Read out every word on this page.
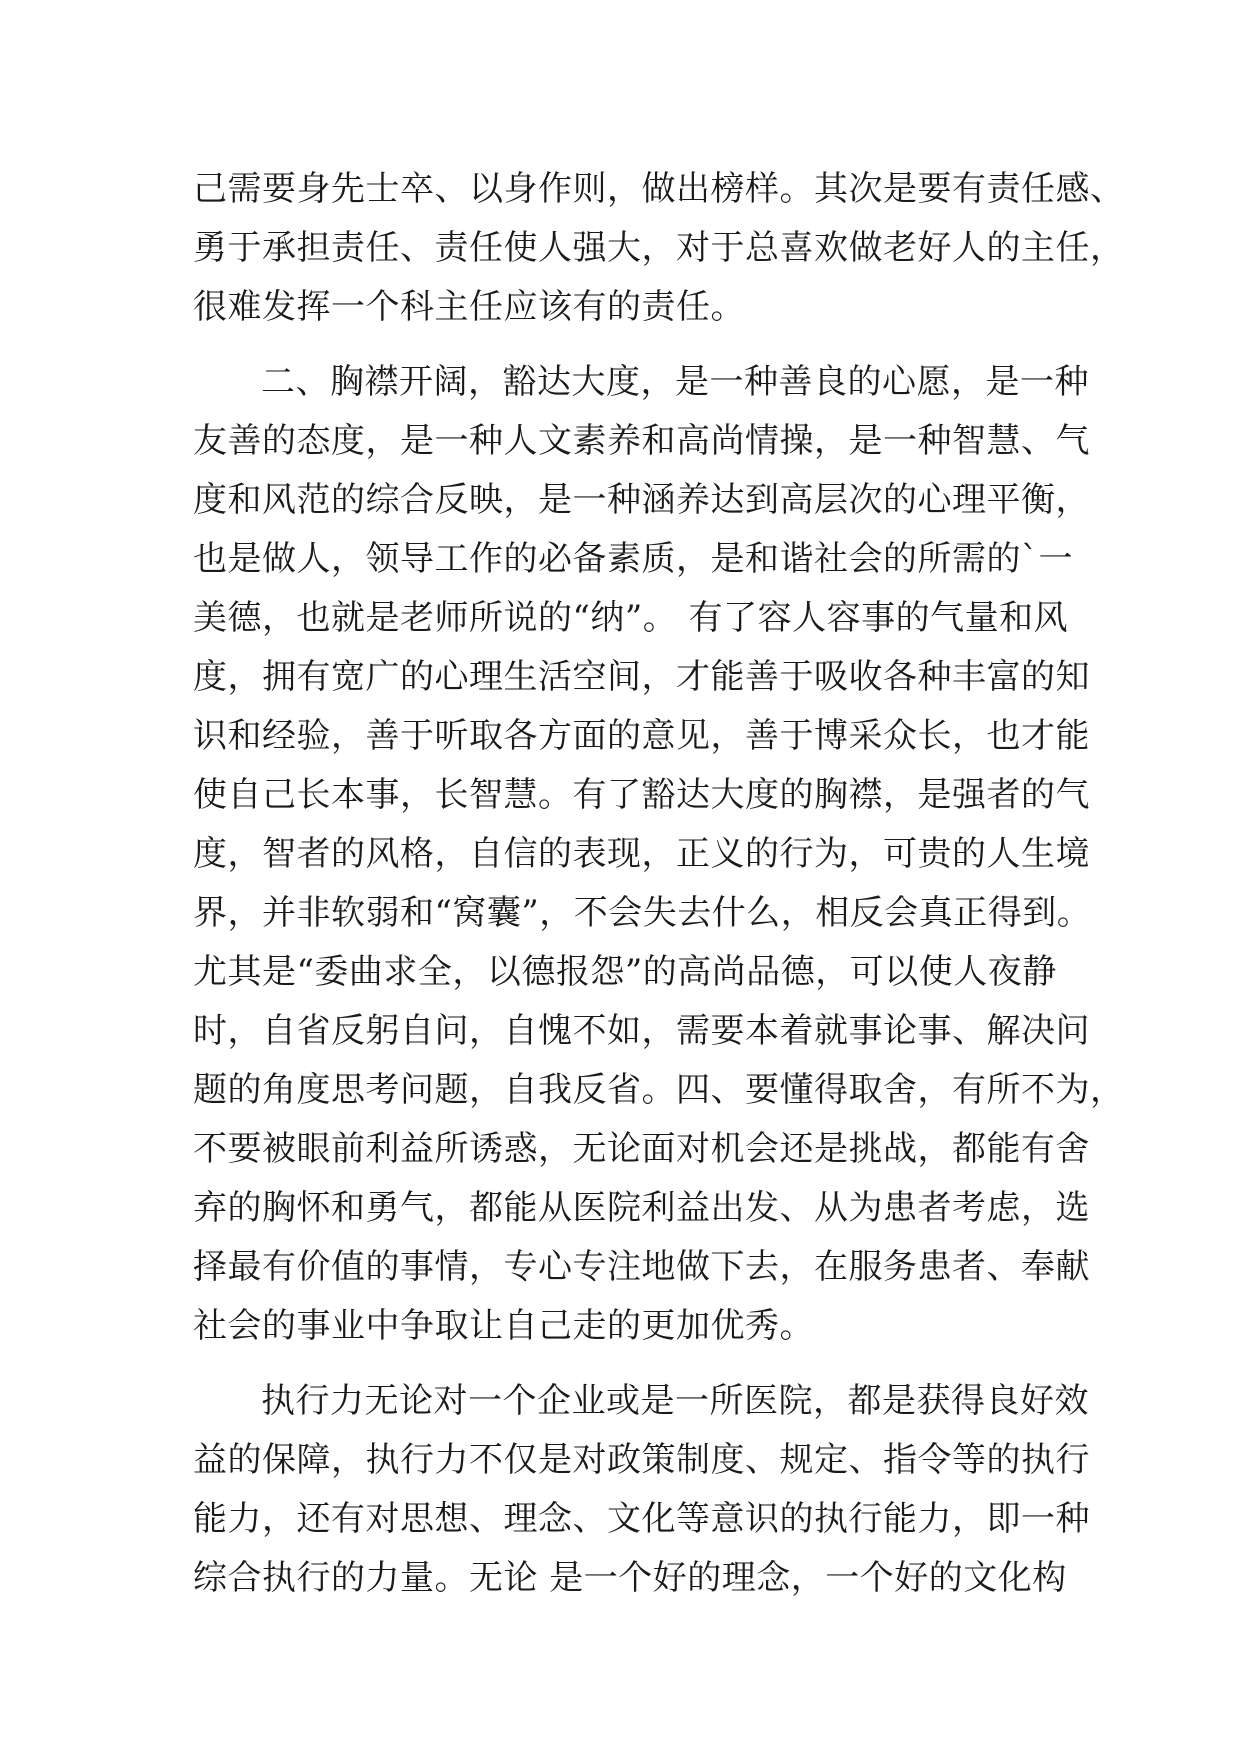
己需要身先士卒、以身作则，做出榜样。其次是要有责任感、
勇于承担责任、责任使人强大，对于总喜欢做老好人的主任，
很难发挥一个科主任应该有的责任。
二、胸襟开阔，豁达大度，是一种善良的心愿，是一种
友善的态度，是一种人文素养和高尚情操，是一种智慧、气
度和风范的综合反映，是一种涵养达到高层次的心理平衡，
也是做人，领导工作的必备素质，是和谐社会的所需的`一
美德，也就是老师所说的“纳”。 有了容人容事的气量和风
度，拥有宽广的心理生活空间，才能善于吸收各种丰富的知
识和经验，善于听取各方面的意见，善于博采众长，也才能
使自己长本事，长智慧。有了豁达大度的胸襟，是强者的气
度，智者的风格，自信的表现，正义的行为，可贵的人生境
界，并非软弱和“窝囊”，不会失去什么，相反会真正得到。
尤其是“委曲求全，以德报怨”的高尚品德，可以使人夜静
时，自省反躬自问，自愧不如，需要本着就事论事、解决问
题的角度思考问题，自我反省。四、要懂得取舍，有所不为，
不要被眼前利益所诱惑，无论面对机会还是挑战，都能有舍
弃的胸怀和勇气，都能从医院利益出发、从为患者考虑，选
择最有价值的事情，专心专注地做下去，在服务患者、奉献
社会的事业中争取让自己走的更加优秀。
执行力无论对一个企业或是一所医院，都是获得良好效
益的保障，执行力不仅是对政策制度、规定、指令等的执行
能力，还有对思想、理念、文化等意识的执行能力，即一种
综合执行的力量。无论 是一个好的理念，一个好的文化构
